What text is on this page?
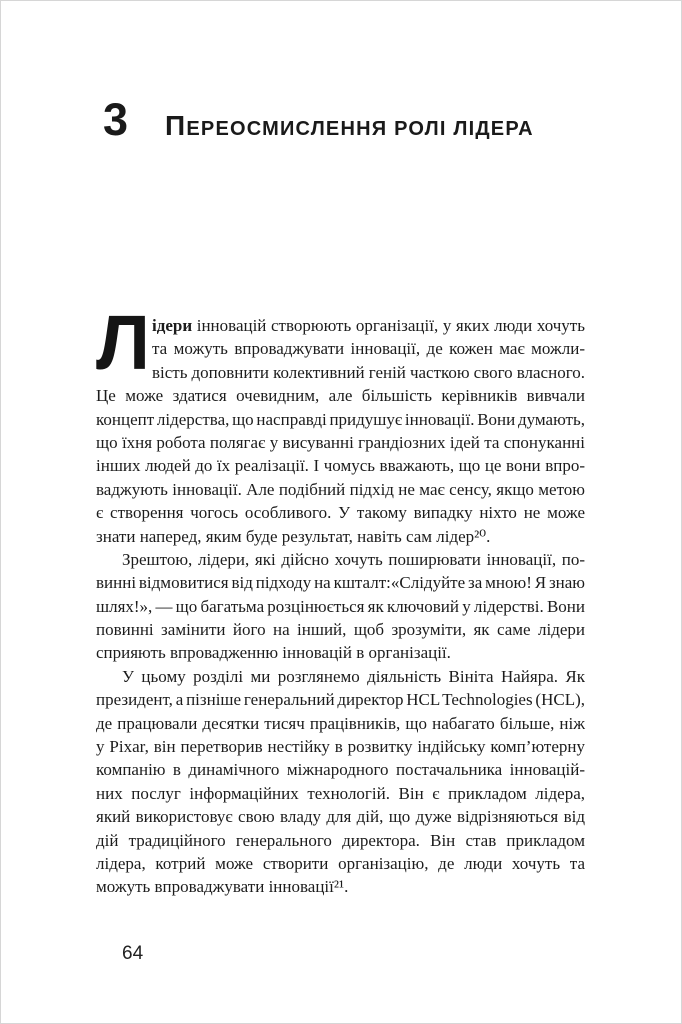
3 ПЕРЕОСМИСЛЕННЯ РОЛІ ЛІДЕРА
Л ідери інновацій створюють організації, у яких люди хочуть
та можуть впроваджувати інновації, де кожен має можли-
вість доповнити колективний геній часткою свого власного.
Це може здатися очевидним, але більшість керівників вивчали
концепт лідерства, що насправді придушує інновації. Вони думають,
що їхня робота полягає у висуванні грандіозних ідей та спонуканні
інших людей до їх реалізації. І чомусь вважають, що це вони впро-
ваджують інновації. Але подібний підхід не має сенсу, якщо метою
є створення чогось особливого. У такому випадку ніхто не може
знати наперед, яким буде результат, навіть сам лідер²⁰.
Зрештою, лідери, які дійсно хочуть поширювати інновації, по-
винні відмовитися від підходу на кшталт:«Слідуйте за мною! Я знаю
шлях!», — що багатьма розцінюється як ключовий у лідерстві. Вони
повинні замінити його на інший, щоб зрозуміти, як саме лідери
сприяють впровадженню інновацій в організації.
У цьому розділі ми розглянемо діяльність Вініта Найяра. Як
президент, а пізніше генеральний директор HCL Technologies (HCL),
де працювали десятки тисяч працівників, що набагато більше, ніж
у Pixar, він перетворив нестійку в розвитку індійську комп’ютерну
компанію в динамічного міжнародного постачальника інновацій-
них послуг інформаційних технологій. Він є прикладом лідера,
який використовує свою владу для дій, що дуже відрізняються від
дій традиційного генерального директора. Він став прикладом
лідера, котрий може створити організацію, де люди хочуть та
можуть впроваджувати інновації²¹.
64
